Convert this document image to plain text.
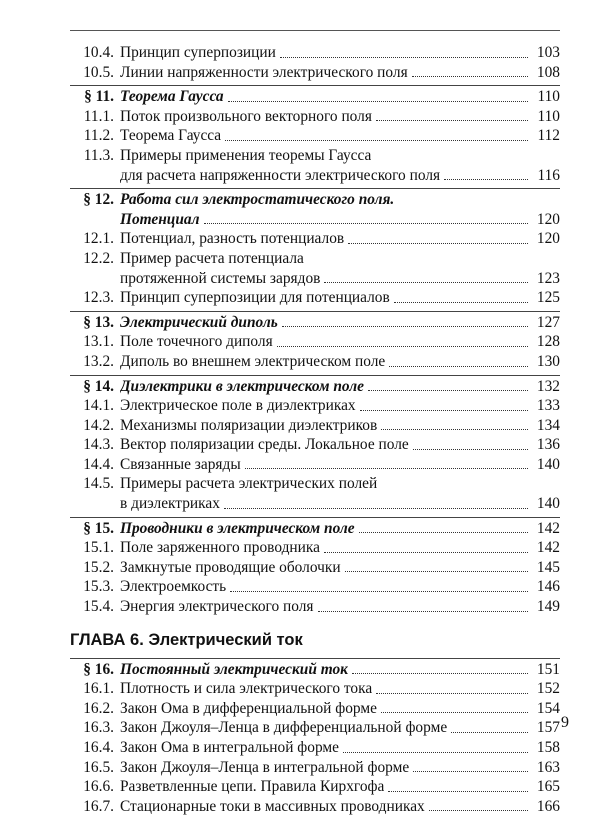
10.4. Принцип суперпозиции	103
10.5. Линии напряженности электрического поля	108
§ 11. Теорема Гаусса	110
11.1. Поток произвольного векторного поля	110
11.2. Теорема Гаусса	112
11.3. Примеры применения теоремы Гаусса
для расчета напряженности электрического поля	116
§ 12. Работа сил электростатического поля.
Потенциал	120
12.1. Потенциал, разность потенциалов	120
12.2. Пример расчета потенциала
протяженной системы зарядов	123
12.3. Принцип суперпозиции для потенциалов	125
§ 13. Электрический диполь	127
13.1. Поле точечного диполя	128
13.2. Диполь во внешнем электрическом поле	130
§ 14. Диэлектрики в электрическом поле	132
14.1. Электрическое поле в диэлектриках	133
14.2. Механизмы поляризации диэлектриков	134
14.3. Вектор поляризации среды. Локальное поле	136
14.4. Связанные заряды	140
14.5. Примеры расчета электрических полей
в диэлектриках	140
§ 15. Проводники в электрическом поле	142
15.1. Поле заряженного проводника	142
15.2. Замкнутые проводящие оболочки	145
15.3. Электроемкость	146
15.4. Энергия электрического поля	149
ГЛАВА 6. Электрический ток
§ 16. Постоянный электрический ток	151
16.1. Плотность и сила электрического тока	152
16.2. Закон Ома в дифференциальной форме	154
16.3. Закон Джоуля–Ленца в дифференциальной форме	157
16.4. Закон Ома в интегральной форме	158
16.5. Закон Джоуля–Ленца в интегральной форме	163
16.6. Разветвленные цепи. Правила Кирхгофа	165
16.7. Стационарные токи в массивных проводниках	166
9
